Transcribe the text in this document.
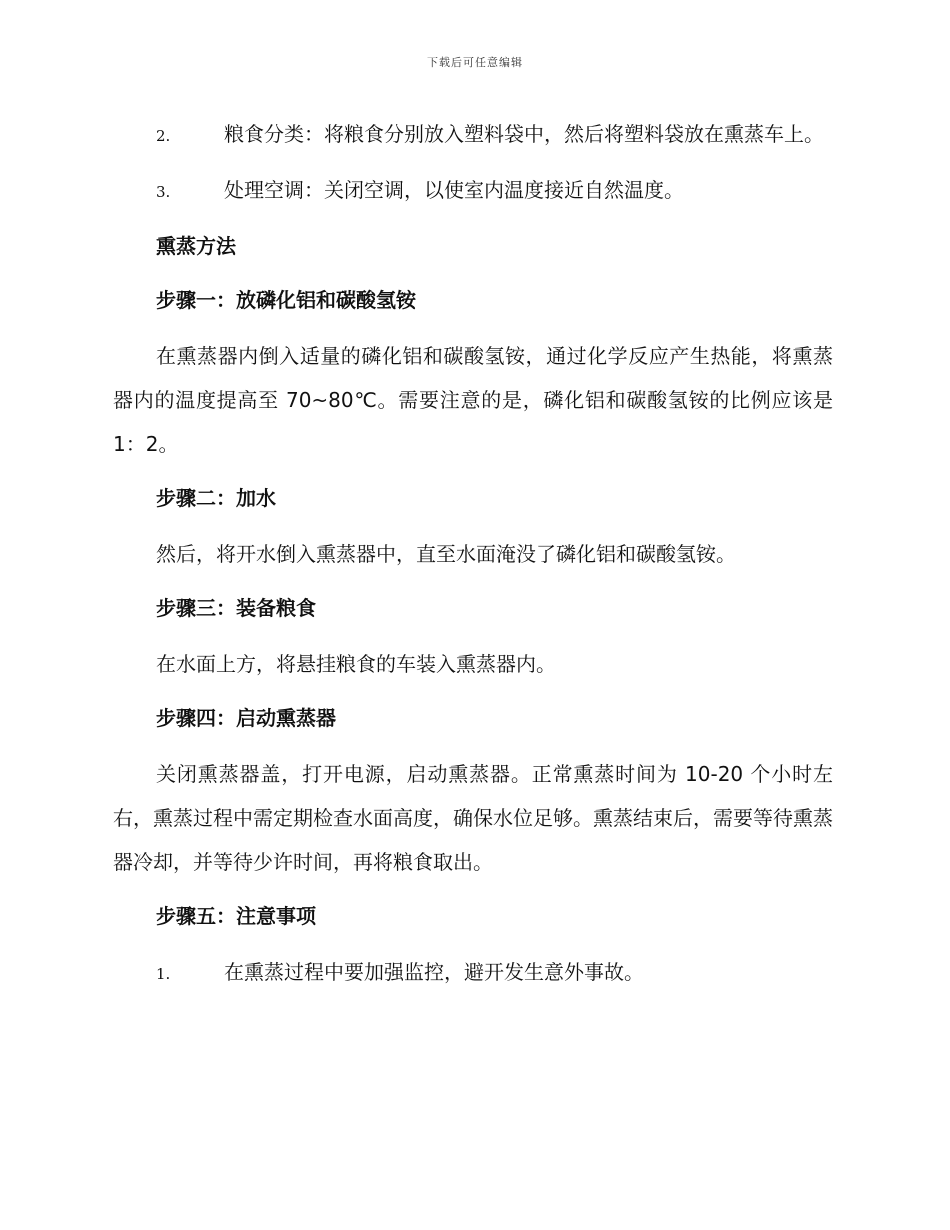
下载后可任意编辑

2.	粮食分类：将粮食分别放入塑料袋中，然后将塑料袋放在熏蒸车上。

3.	处理空调：关闭空调，以使室内温度接近自然温度。

熏蒸方法

步骤一：放磷化铝和碳酸氢铵

在熏蒸器内倒入适量的磷化铝和碳酸氢铵，通过化学反应产生热能，将熏蒸器内的温度提高至 70~80℃。需要注意的是，磷化铝和碳酸氢铵的比例应该是 1：2。

步骤二：加水

然后，将开水倒入熏蒸器中，直至水面淹没了磷化铝和碳酸氢铵。

步骤三：装备粮食

在水面上方，将悬挂粮食的车装入熏蒸器内。

步骤四：启动熏蒸器

关闭熏蒸器盖，打开电源，启动熏蒸器。正常熏蒸时间为 10-20 个小时左右，熏蒸过程中需定期检查水面高度，确保水位足够。熏蒸结束后，需要等待熏蒸器冷却，并等待少许时间，再将粮食取出。

步骤五：注意事项

1.	在熏蒸过程中要加强监控，避开发生意外事故。
